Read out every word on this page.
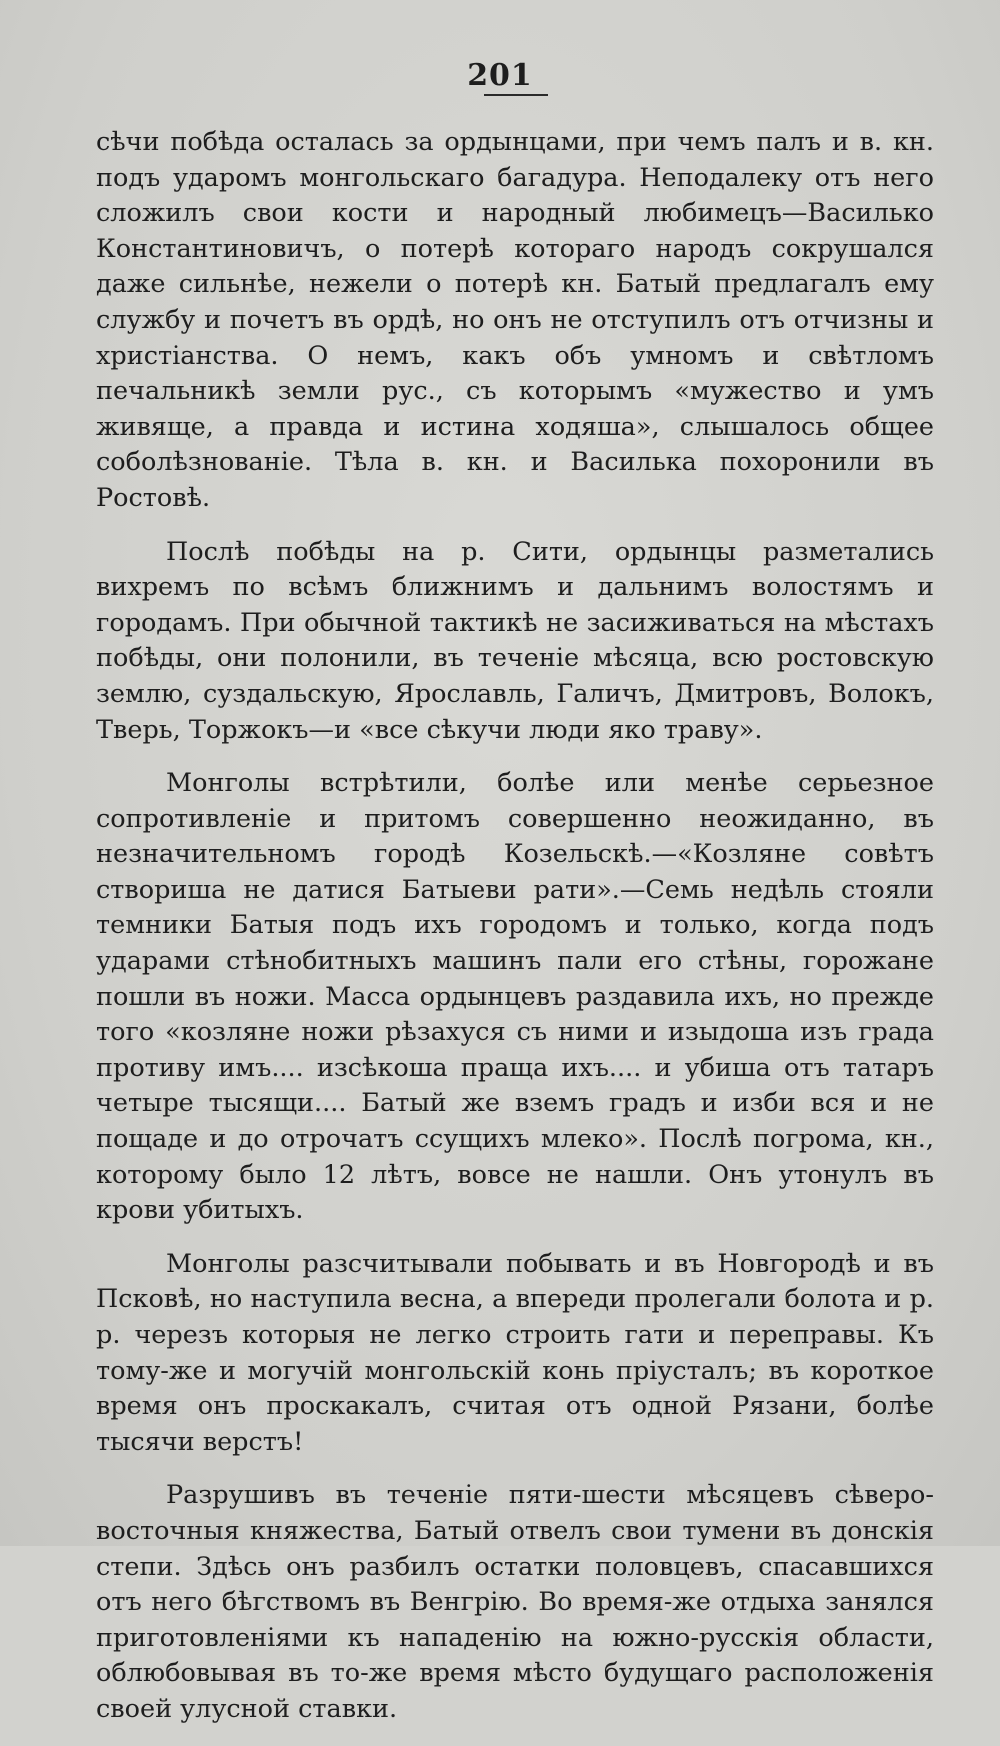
201

сѣчи побѣда осталась за ордынцами, при чемъ палъ и в. кн. подъ ударомъ монгольскаго багадура. Неподалеку отъ него сложилъ свои кости и народный любимецъ—Василько Константиновичъ, о потерѣ котораго народъ сокрушался даже сильнѣе, нежели о потерѣ кн. Батый предлагалъ ему службу и почетъ въ ордѣ, но онъ не отступилъ отъ отчизны и христіанства. О немъ, какъ объ умномъ и свѣтломъ печальникѣ земли рус., съ которымъ «мужество и умъ живяще, а правда и истина ходяша», слышалось общее соболѣзнованіе. Тѣла в. кн. и Василька похоронили въ Ростовѣ.

Послѣ побѣды на р. Сити, ордынцы разметались вихремъ по всѣмъ ближнимъ и дальнимъ волостямъ и городамъ. При обычной тактикѣ не засиживаться на мѣстахъ побѣды, они полонили, въ теченіе мѣсяца, всю ростовскую землю, суздальскую, Ярославль, Галичъ, Дмитровъ, Волокъ, Тверь, Торжокъ—и «все сѣкучи люди яко траву».

Монголы встрѣтили, болѣе или менѣе серьезное сопротивленіе и притомъ совершенно неожиданно, въ незначительномъ городѣ Козельскѣ.—«Козляне совѣтъ створиша не датися Батыеви рати».—Семь недѣль стояли темники Батыя подъ ихъ городомъ и только, когда подъ ударами стѣнобитныхъ машинъ пали его стѣны, горожане пошли въ ножи. Масса ордынцевъ раздавила ихъ, но прежде того «козляне ножи рѣзахуся съ ними и изыдоша изъ града противу имъ.... изсѣкоша праща ихъ.... и убиша отъ татаръ четыре тысящи.... Батый же вземъ градъ и изби вся и не пощаде и до отрочатъ ссущихъ млеко». Послѣ погрома, кн., которому было 12 лѣтъ, вовсе не нашли. Онъ утонулъ въ крови убитыхъ.

Монголы разсчитывали побывать и въ Новгородѣ и въ Псковѣ, но наступила весна, а впереди пролегали болота и р. р. черезъ которыя не легко строить гати и переправы. Къ тому-же и могучій монгольскій конь пріусталъ; въ короткое время онъ проскакалъ, считая отъ одной Рязани, болѣе тысячи верстъ!

Разрушивъ въ теченіе пяти-шести мѣсяцевъ сѣверо-восточныя княжества, Батый отвелъ свои тумени въ донскія степи. Здѣсь онъ разбилъ остатки половцевъ, спасавшихся отъ него бѣгствомъ въ Венгрію. Во время-же отдыха занялся приготовленіями къ нападенію на южно-русскія области, облюбовывая въ то-же время мѣсто будущаго расположенія своей улусной ставки.
